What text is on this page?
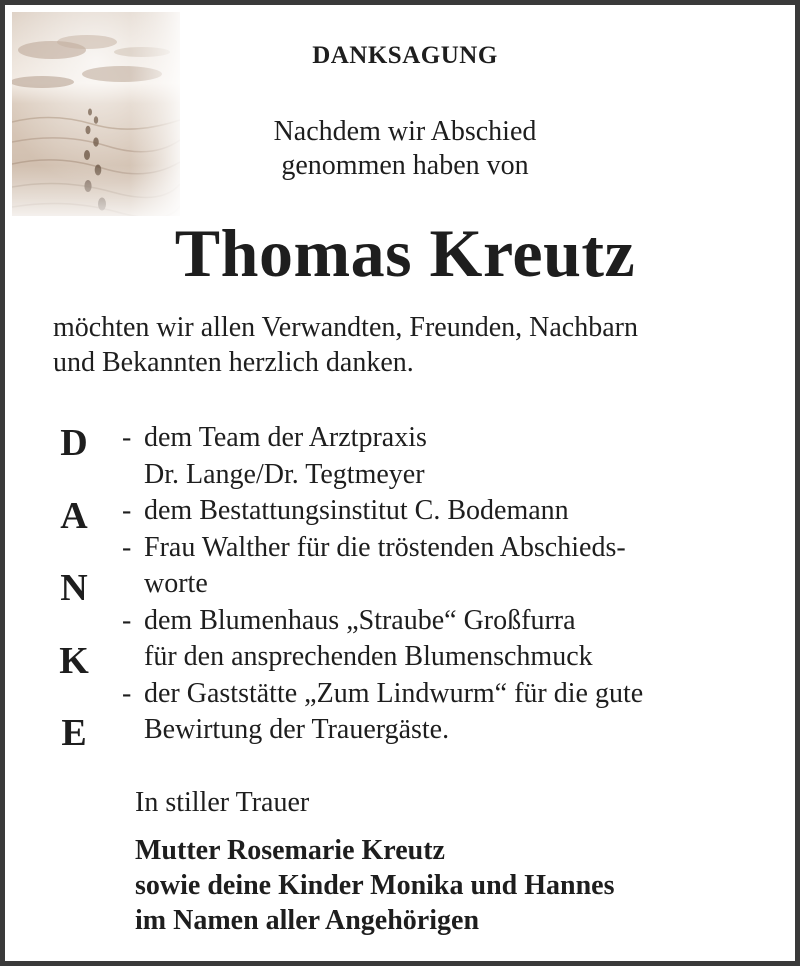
DANKSAGUNG
Nachdem wir Abschied
genommen haben von
Thomas Kreutz
möchten wir allen Verwandten, Freunden, Nachbarn
und Bekannten herzlich danken.
D
A
N
K
E
- dem Team der Arztpraxis
Dr. Lange/Dr. Tegtmeyer
- dem Bestattungsinstitut C. Bodemann
- Frau Walther für die tröstenden Abschieds-
worte
- dem Blumenhaus „Straube“ Großfurra
für den ansprechenden Blumenschmuck
- der Gaststätte „Zum Lindwurm“ für die gute
Bewirtung der Trauergäste.
In stiller Trauer
Mutter Rosemarie Kreutz
sowie deine Kinder Monika und Hannes
im Namen aller Angehörigen
